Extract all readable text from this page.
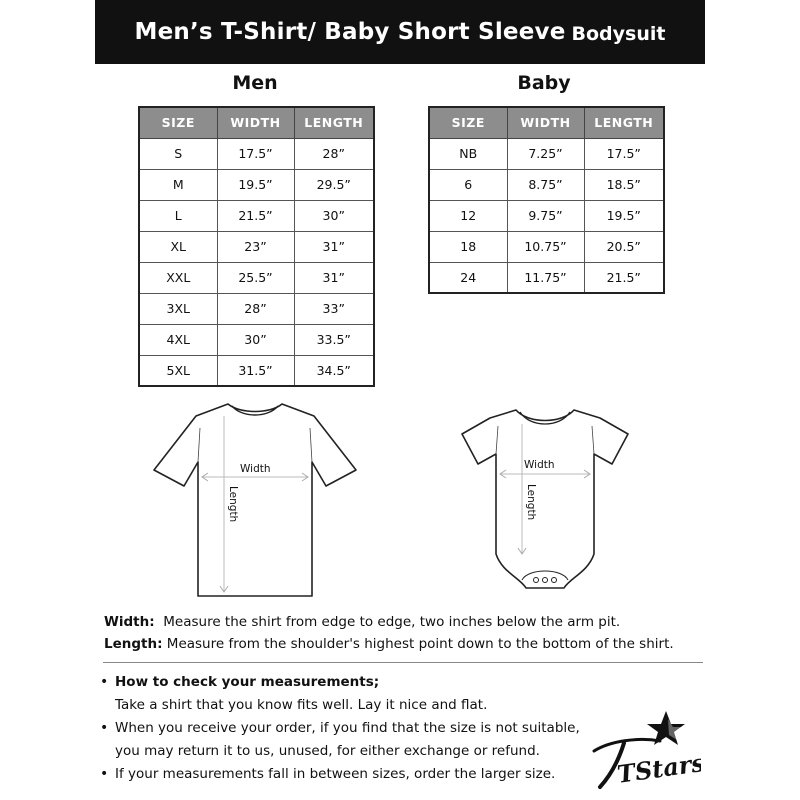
Men’s T-Shirt/ Baby Short Sleeve Bodysuit
Men	Baby
SIZE	WIDTH	LENGTH
S	17.5”	28”
M	19.5”	29.5”
L	21.5”	30”
XL	23”	31”
XXL	25.5”	31”
3XL	28”	33”
4XL	30”	33.5”
5XL	31.5”	34.5”
SIZE	WIDTH	LENGTH
NB	7.25”	17.5”
6	8.75”	18.5”
12	9.75”	19.5”
18	10.75”	20.5”
24	11.75”	21.5”
Width
Length
Width
Length
Width: Measure the shirt from edge to edge, two inches below the arm pit.
Length: Measure from the shoulder's highest point down to the bottom of the shirt.
• How to check your measurements;
Take a shirt that you know fits well. Lay it nice and flat.
• When you receive your order, if you find that the size is not suitable,
you may return it to us, unused, for either exchange or refund.
• If your measurements fall in between sizes, order the larger size.	TStars
